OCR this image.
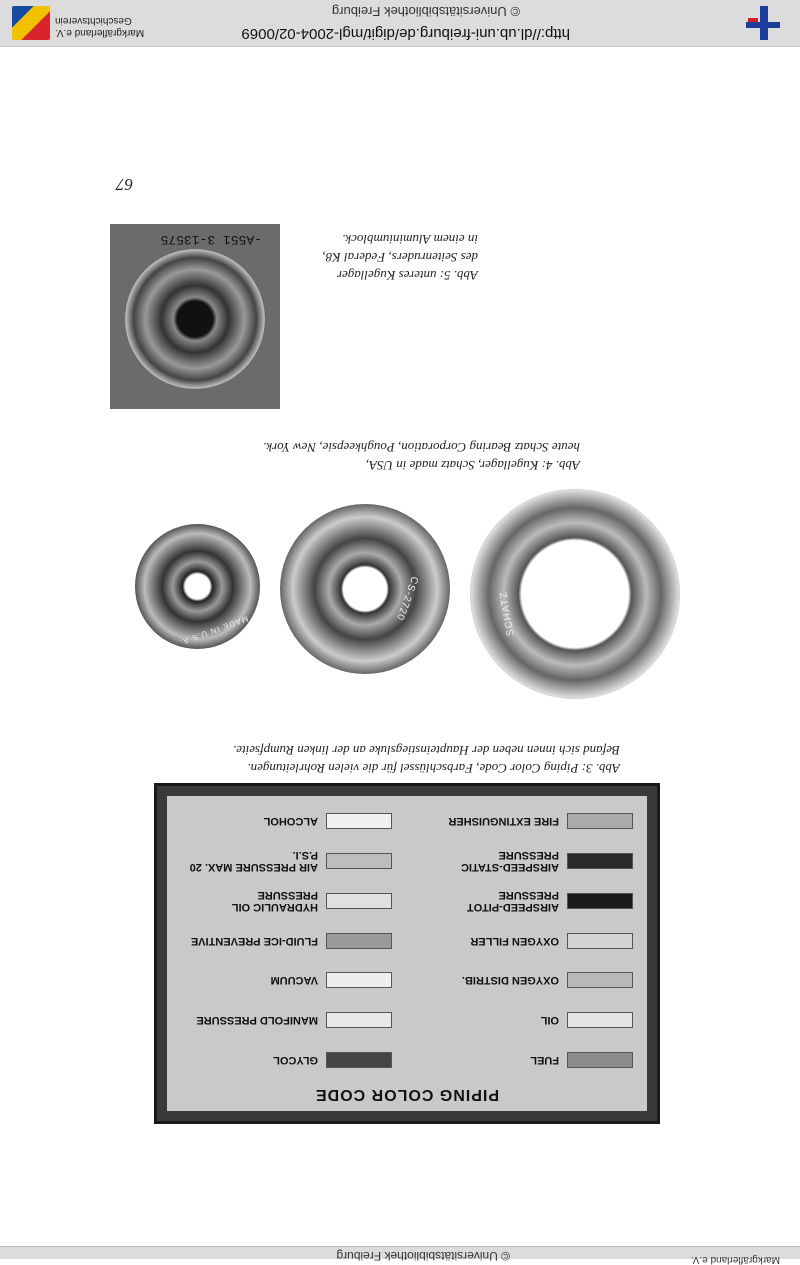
© Universitätsbibliothek Freiburg	Markgräflerland e.V.
67
-A551 3-13575
Abb. 5: unteres Kugellager
des Seitenruders, Federal K8,
in einem Aluminiumblock.
Abb. 4: Kugellager, Schatz made in USA,
heute Schatz Bearing Corporation, Poughkeepsie, New York.
SCHATZ
CS-2720
MADE IN U.S.A.
Abb. 3: Piping Color Code, Farbschlüssel für die vielen Rohrleitungen.
Befand sich innen neben der Haupteinstiegsluke an der linken Rumpfseite.
PIPING COLOR CODE
FUEL
OIL
OXYGEN DISTRIB.
OXYGEN FILLER
AIRSPEED-PITOT PRESSURE
AIRSPEED-STATIC PRESSURE
FIRE EXTINGUISHER
GLYCOL
MANIFOLD PRESSURE
VACUUM
FLUID-ICE PREVENTIVE
HYDRAULIC OIL PRESSURE
AIR PRESSURE MAX. 20 P.S.I.
ALCOHOL
http://dl.ub.uni-freiburg.de/digit/mgl-2004-02/0069
© Universitätsbibliothek Freiburg
Markgräflerland e.V.
Geschichtsverein
